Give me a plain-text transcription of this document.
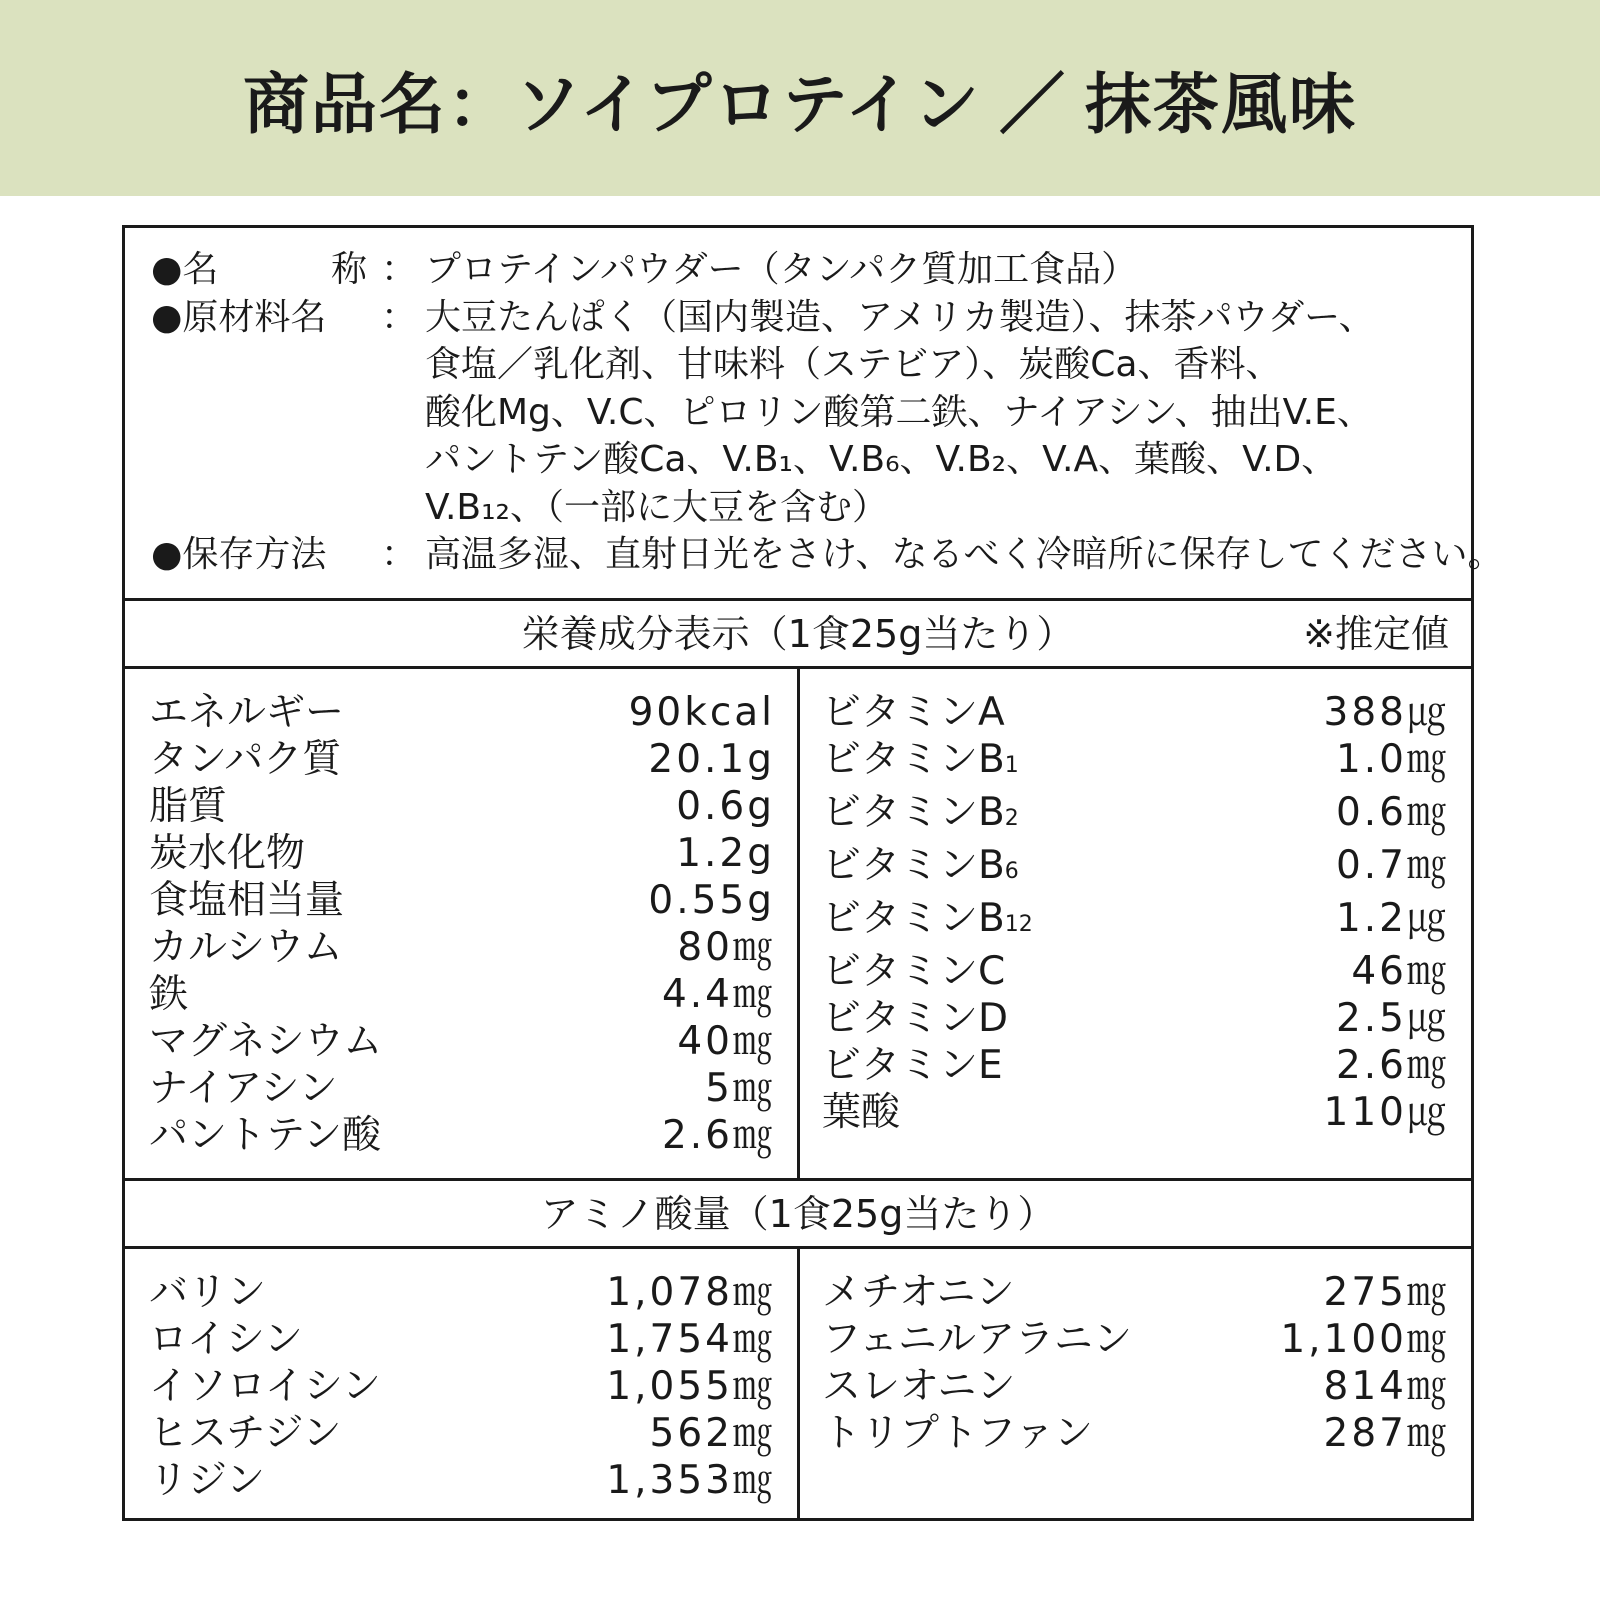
商品名：ソイプロテイン ／ 抹茶風味
●名	称 ： プロテインパウダー（タンパク質加工食品）
●原材料名 ： 大豆たんぱく（国内製造、アメリカ製造）、抹茶パウダー、
食塩／乳化剤、甘味料（ステビア）、炭酸Ca、香料、
酸化Mg、V.C、ピロリン酸第二鉄、ナイアシン、抽出V.E、
パントテン酸Ca、V.B₁、V.B₆、V.B₂、V.A、葉酸、V.D、
V.B₁₂、（一部に大豆を含む）
●保存方法 ： 高温多湿、直射日光をさけ、なるべく冷暗所に保存してください。
栄養成分表示（1食25g当たり）	※推定値
エネルギー	90kcal
タンパク質	20.1g
脂質	0.6g
炭水化物	1.2g
食塩相当量	0.55g
カルシウム	80㎎
鉄	4.4㎎
マグネシウム	40㎎
ナイアシン	5㎎
パントテン酸	2.6㎎
ビタミンA	388㎍
ビタミンB1	1.0㎎
ビタミンB2	0.6㎎
ビタミンB6	0.7㎎
ビタミンB12	1.2㎍
ビタミンC	46㎎
ビタミンD	2.5㎍
ビタミンE	2.6㎎
葉酸	110㎍
アミノ酸量（1食25g当たり）
バリン	1,078㎎
ロイシン	1,754㎎
イソロイシン	1,055㎎
ヒスチジン	562㎎
リジン	1,353㎎
メチオニン	275㎎
フェニルアラニン	1,100㎎
スレオニン	814㎎
トリプトファン	287㎎
